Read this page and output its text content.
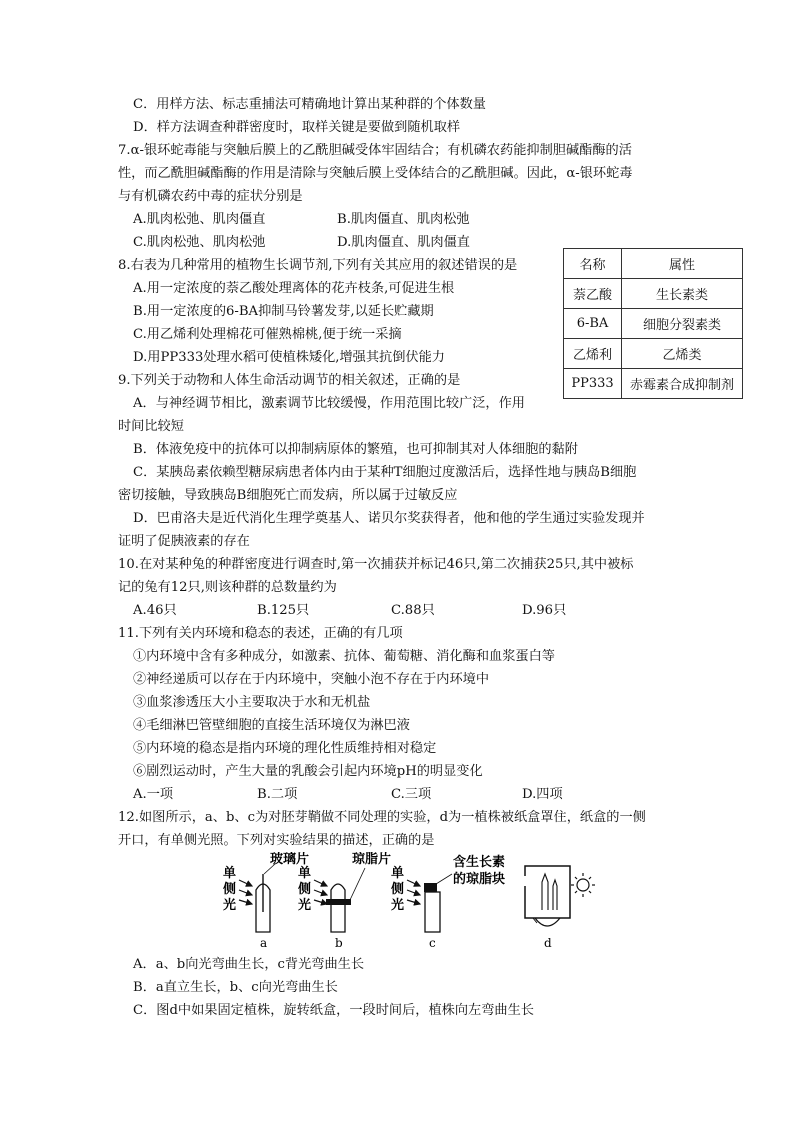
C．用样方法、标志重捕法可精确地计算出某种群的个体数量
D．样方法调查种群密度时，取样关键是要做到随机取样
7.α-银环蛇毒能与突触后膜上的乙酰胆碱受体牢固结合；有机磷农药能抑制胆碱酯酶的活
性，而乙酰胆碱酯酶的作用是清除与突触后膜上受体结合的乙酰胆碱。因此，α-银环蛇毒
与有机磷农药中毒的症状分别是
A.肌肉松弛、肌肉僵直	B.肌肉僵直、肌肉松弛
C.肌肉松弛、肌肉松弛	D.肌肉僵直、肌肉僵直
8.右表为几种常用的植物生长调节剂,下列有关其应用的叙述错误的是
A.用一定浓度的萘乙酸处理离体的花卉枝条,可促进生根
B.用一定浓度的6-BA抑制马铃薯发芽,以延长贮藏期
C.用乙烯利处理棉花可催熟棉桃,便于统一采摘
D.用PP333处理水稻可使植株矮化,增强其抗倒伏能力
名称	属性
萘乙酸	生长素类
6-BA	细胞分裂素类
乙烯利	乙烯类
PP333	赤霉素合成抑制剂
9.下列关于动物和人体生命活动调节的相关叙述，正确的是
A．与神经调节相比，激素调节比较缓慢，作用范围比较广泛，作用
时间比较短
B．体液免疫中的抗体可以抑制病原体的繁殖，也可抑制其对人体细胞的黏附
C．某胰岛素依赖型糖尿病患者体内由于某种T细胞过度激活后，选择性地与胰岛B细胞
密切接触，导致胰岛B细胞死亡而发病，所以属于过敏反应
D．巴甫洛夫是近代消化生理学奠基人、诺贝尔奖获得者，他和他的学生通过实验发现并
证明了促胰液素的存在
10.在对某种兔的种群密度进行调查时,第一次捕获并标记46只,第二次捕获25只,其中被标
记的兔有12只,则该种群的总数量约为
A.46只	B.125只	C.88只	D.96只
11.下列有关内环境和稳态的表述，正确的有几项
①内环境中含有多种成分，如激素、抗体、葡萄糖、消化酶和血浆蛋白等
②神经递质可以存在于内环境中，突触小泡不存在于内环境中
③血浆渗透压大小主要取决于水和无机盐
④毛细淋巴管壁细胞的直接生活环境仅为淋巴液
⑤内环境的稳态是指内环境的理化性质维持相对稳定
⑥剧烈运动时，产生大量的乳酸会引起内环境pH的明显变化
A.一项	B.二项	C.三项	D.四项
12.如图所示，a、b、c为对胚芽鞘做不同处理的实验，d为一植株被纸盒罩住，纸盒的一侧
开口，有单侧光照。下列对实验结果的描述，正确的是
单
侧
光
玻璃片
a
单
侧
光
琼脂片
b
单
侧
光
含生长素
的琼脂块
c	d
A．a、b向光弯曲生长，c背光弯曲生长
B．a直立生长，b、c向光弯曲生长
C．图d中如果固定植株，旋转纸盒，一段时间后，植株向左弯曲生长
